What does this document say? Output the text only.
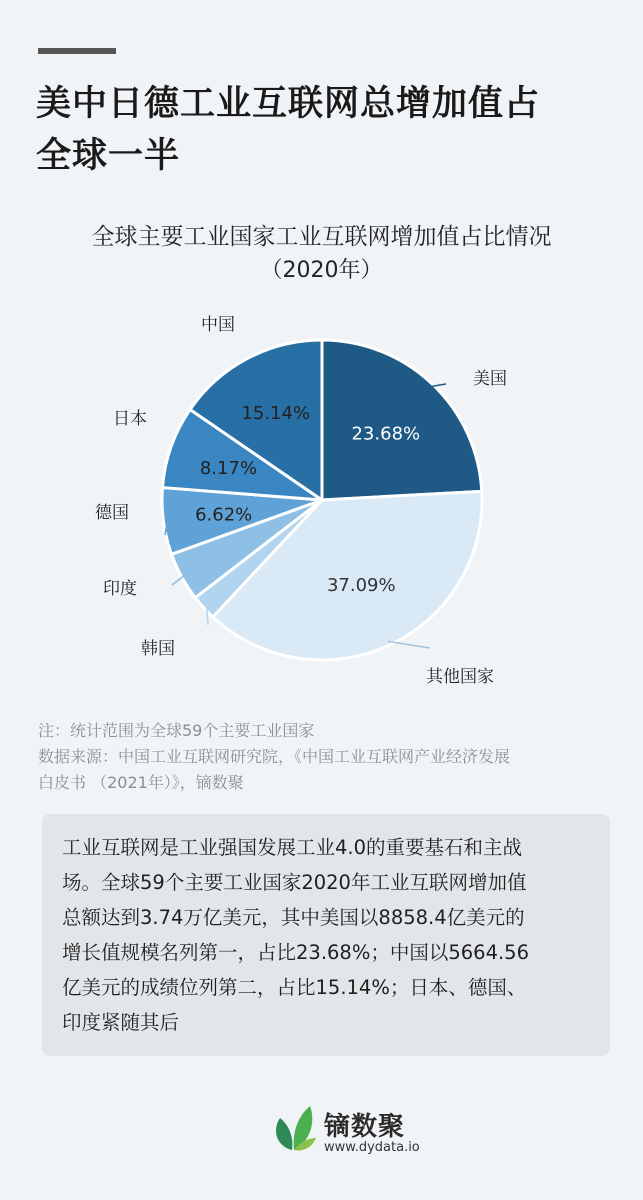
美中日德工业互联网总增加值占
全球一半
全球主要工业国家工业互联网增加值占比情况
（2020年）
23.68%
美国
37.09%
其他国家
韩国
印度
6.62%
德国
8.17%
日本	15.14%
中国
注：统计范围为全球59个主要工业国家
数据来源：中国工业互联网研究院，《中国工业互联网产业经济发展
白皮书 （2021年）》，镝数聚
工业互联网是工业强国发展工业4.0的重要基石和主战
场。全球59个主要工业国家2020年工业互联网增加值
总额达到3.74万亿美元，其中美国以8858.4亿美元的
增长值规模名列第一，占比23.68%；中国以5664.56
亿美元的成绩位列第二，占比15.14%；日本、德国、
印度紧随其后
镝数聚
www.dydata.io
